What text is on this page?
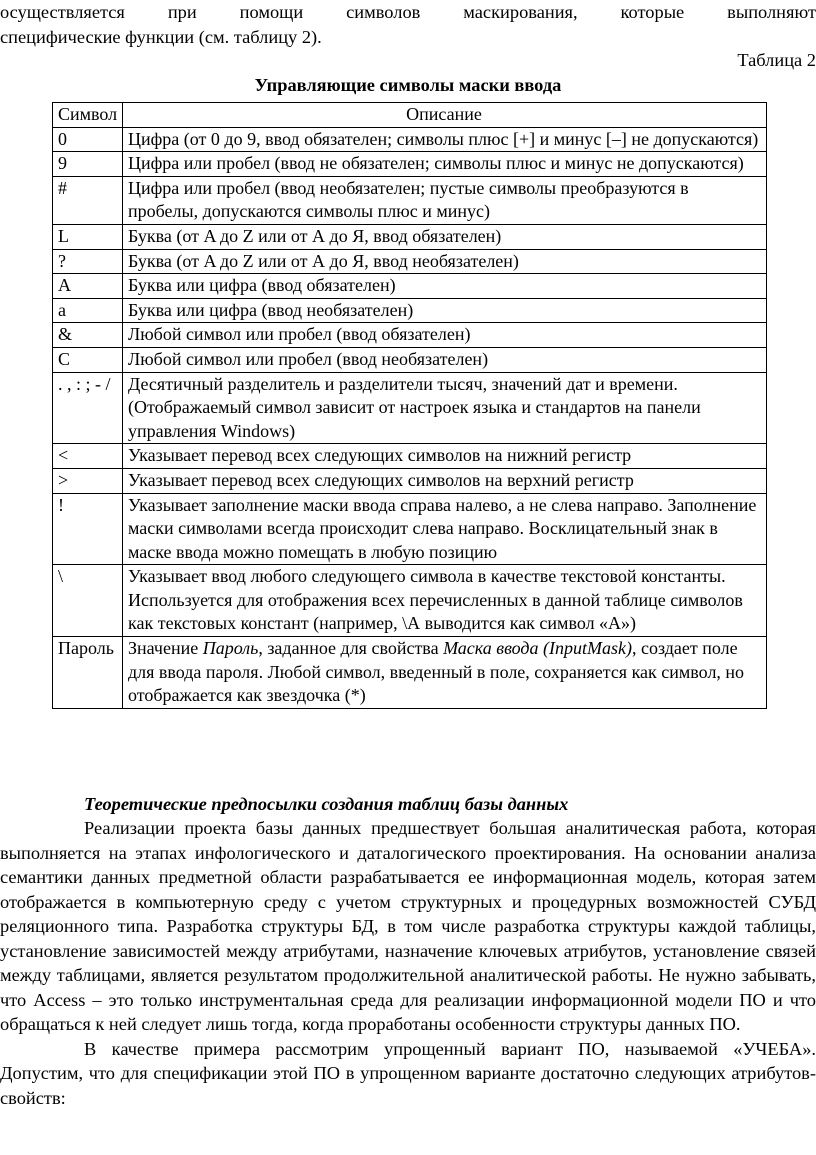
осуществляется при помощи символов маскирования, которые выполняют
специфические функции (см. таблицу 2).
Таблица 2
Управляющие символы маски ввода
Символ	Описание
0	Цифра (от 0 до 9, ввод обязателен; символы плюс [+] и минус [–] не допускаются)
9	Цифра или пробел (ввод не обязателен; символы плюс и минус не допускаются)
#	Цифра или пробел (ввод необязателен; пустые символы преобразуются в пробелы, допускаются символы плюс и минус)
L	Буква (от A до Z или от А до Я, ввод обязателен)
?	Буква (от A до Z или от А до Я, ввод необязателен)
A	Буква или цифра (ввод обязателен)
a	Буква или цифра (ввод необязателен)
&	Любой символ или пробел (ввод обязателен)
C	Любой символ или пробел (ввод необязателен)
. , : ; - /	Десятичный разделитель и разделители тысяч, значений дат и времени. (Отображаемый символ зависит от настроек языка и стандартов на панели управления Windows)
<	Указывает перевод всех следующих символов на нижний регистр
>	Указывает перевод всех следующих символов на верхний регистр
!	Указывает заполнение маски ввода справа налево, а не слева направо. Заполнение маски символами всегда происходит слева направо. Восклицательный знак в маске ввода можно помещать в любую позицию
\	Указывает ввод любого следующего символа в качестве текстовой константы. Используется для отображения всех перечисленных в данной таблице символов как текстовых констант (например, \А выводится как символ «А»)
Пароль	Значение Пароль, заданное для свойства Маска ввода (InputMask), создает поле для ввода пароля. Любой символ, введенный в поле, сохраняется как символ, но отображается как звездочка (*)
Теоретические предпосылки создания таблиц базы данных

Реализации проекта базы данных предшествует большая аналитическая работа, которая выполняется на этапах инфологического и даталогического проектирования. На основании анализа семантики данных предметной области разрабатывается ее информационная модель, которая затем отображается в компьютерную среду с учетом структурных и процедурных возможностей СУБД реляционного типа. Разработка структуры БД, в том числе разработка структуры каждой таблицы, установление зависимостей между атрибутами, назначение ключевых атрибутов, установление связей между таблицами, является результатом продолжительной аналитической работы. Не нужно забывать, что Access – это только инструментальная среда для реализации информационной модели ПО и что обращаться к ней следует лишь тогда, когда проработаны особенности структуры данных ПО.

В качестве примера рассмотрим упрощенный вариант ПО, называемой «УЧЕБА». Допустим, что для спецификации этой ПО в упрощенном варианте достаточно следующих атрибутов-свойств:
